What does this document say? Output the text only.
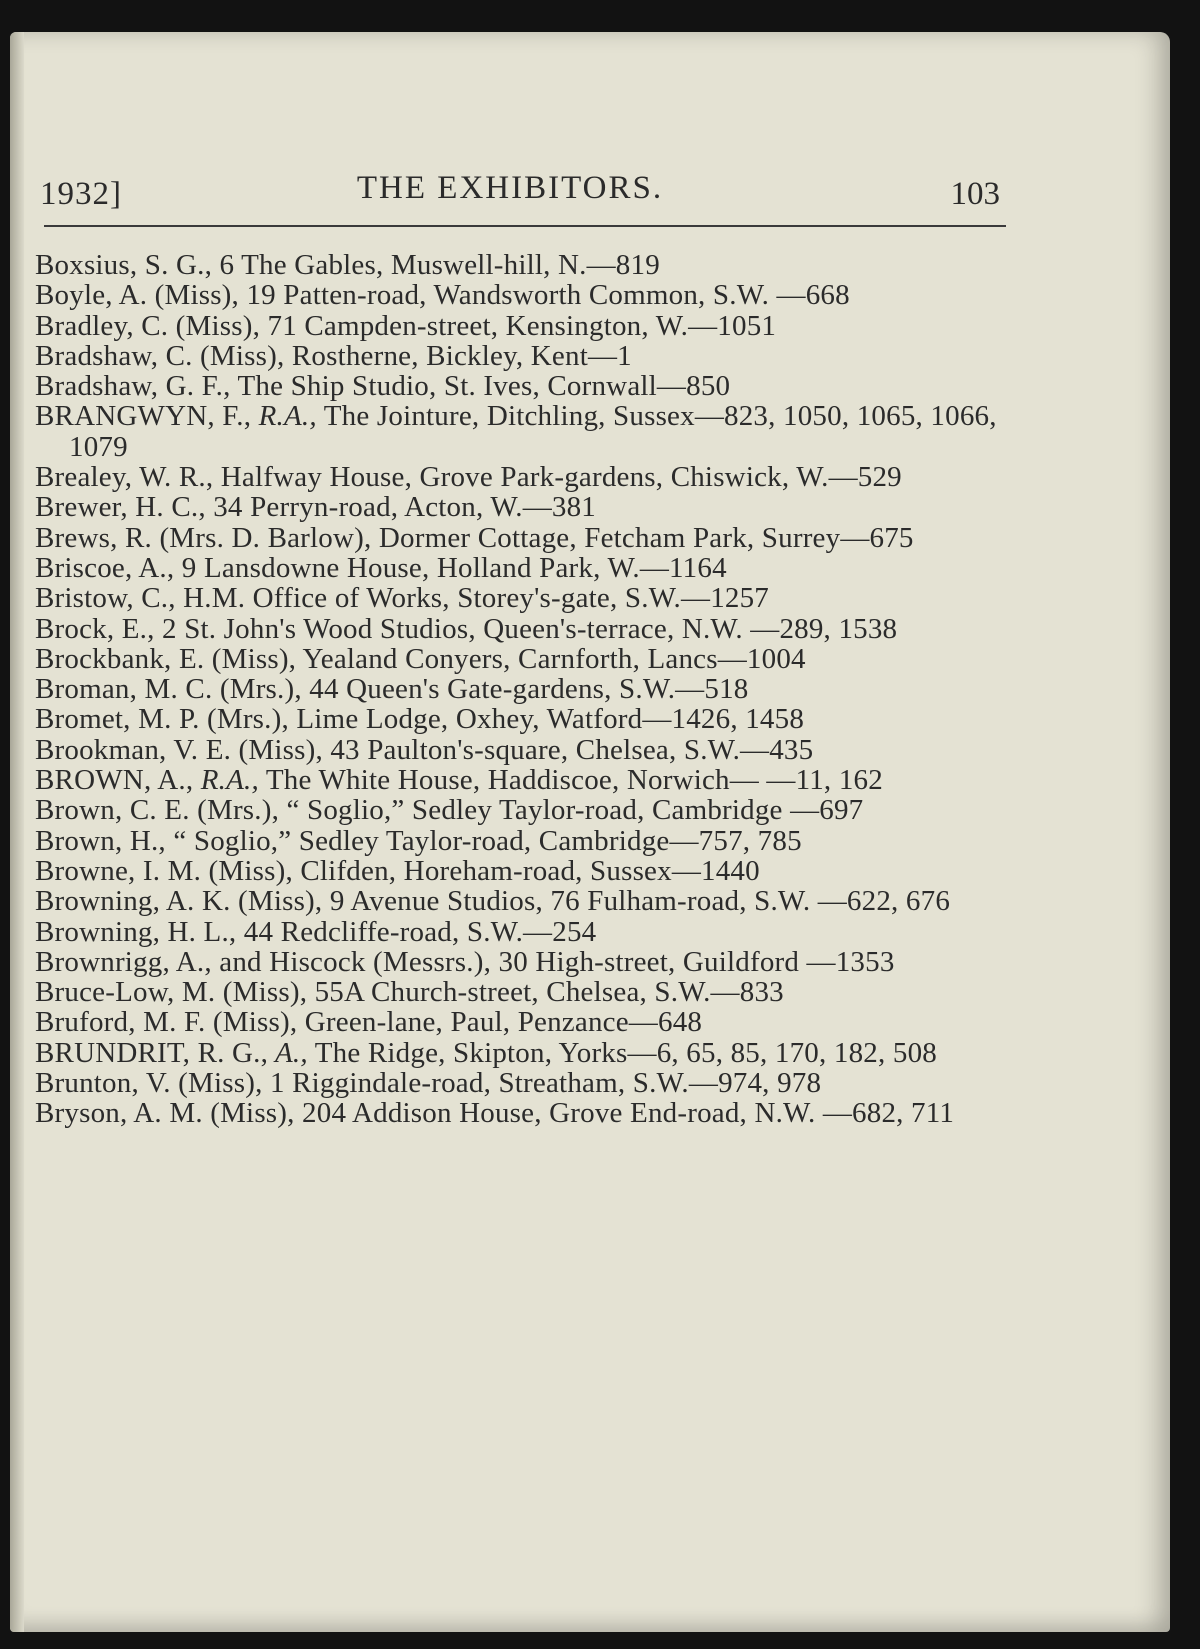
1932]	THE EXHIBITORS.	103

Boxsius, S. G., 6 The Gables, Muswell-hill, N.—819

Boyle, A. (Miss), 19 Patten-road, Wandsworth Common, S.W. —668

Bradley, C. (Miss), 71 Campden-street, Kensington, W.—1051

Bradshaw, C. (Miss), Rostherne, Bickley, Kent—1

Bradshaw, G. F., The Ship Studio, St. Ives, Cornwall—850

BRANGWYN, F., R.A., The Jointure, Ditchling, Sussex—823, 1050, 1065, 1066, 1079

Brealey, W. R., Halfway House, Grove Park-gardens, Chiswick, W.—529

Brewer, H. C., 34 Perryn-road, Acton, W.—381

Brews, R. (Mrs. D. Barlow), Dormer Cottage, Fetcham Park, Surrey—675

Briscoe, A., 9 Lansdowne House, Holland Park, W.—1164

Bristow, C., H.M. Office of Works, Storey's-gate, S.W.—1257

Brock, E., 2 St. John's Wood Studios, Queen's-terrace, N.W. —289, 1538

Brockbank, E. (Miss), Yealand Conyers, Carnforth, Lancs—1004

Broman, M. C. (Mrs.), 44 Queen's Gate-gardens, S.W.—518

Bromet, M. P. (Mrs.), Lime Lodge, Oxhey, Watford—1426, 1458

Brookman, V. E. (Miss), 43 Paulton's-square, Chelsea, S.W.—435

BROWN, A., R.A., The White House, Haddiscoe, Norwich— —11, 162

Brown, C. E. (Mrs.), “ Soglio,” Sedley Taylor-road, Cambridge —697

Brown, H., “ Soglio,” Sedley Taylor-road, Cambridge—757, 785

Browne, I. M. (Miss), Clifden, Horeham-road, Sussex—1440

Browning, A. K. (Miss), 9 Avenue Studios, 76 Fulham-road, S.W. —622, 676

Browning, H. L., 44 Redcliffe-road, S.W.—254

Brownrigg, A., and Hiscock (Messrs.), 30 High-street, Guildford —1353

Bruce-Low, M. (Miss), 55A Church-street, Chelsea, S.W.—833

Bruford, M. F. (Miss), Green-lane, Paul, Penzance—648

BRUNDRIT, R. G., A., The Ridge, Skipton, Yorks—6, 65, 85, 170, 182, 508

Brunton, V. (Miss), 1 Riggindale-road, Streatham, S.W.—974, 978

Bryson, A. M. (Miss), 204 Addison House, Grove End-road, N.W. —682, 711
